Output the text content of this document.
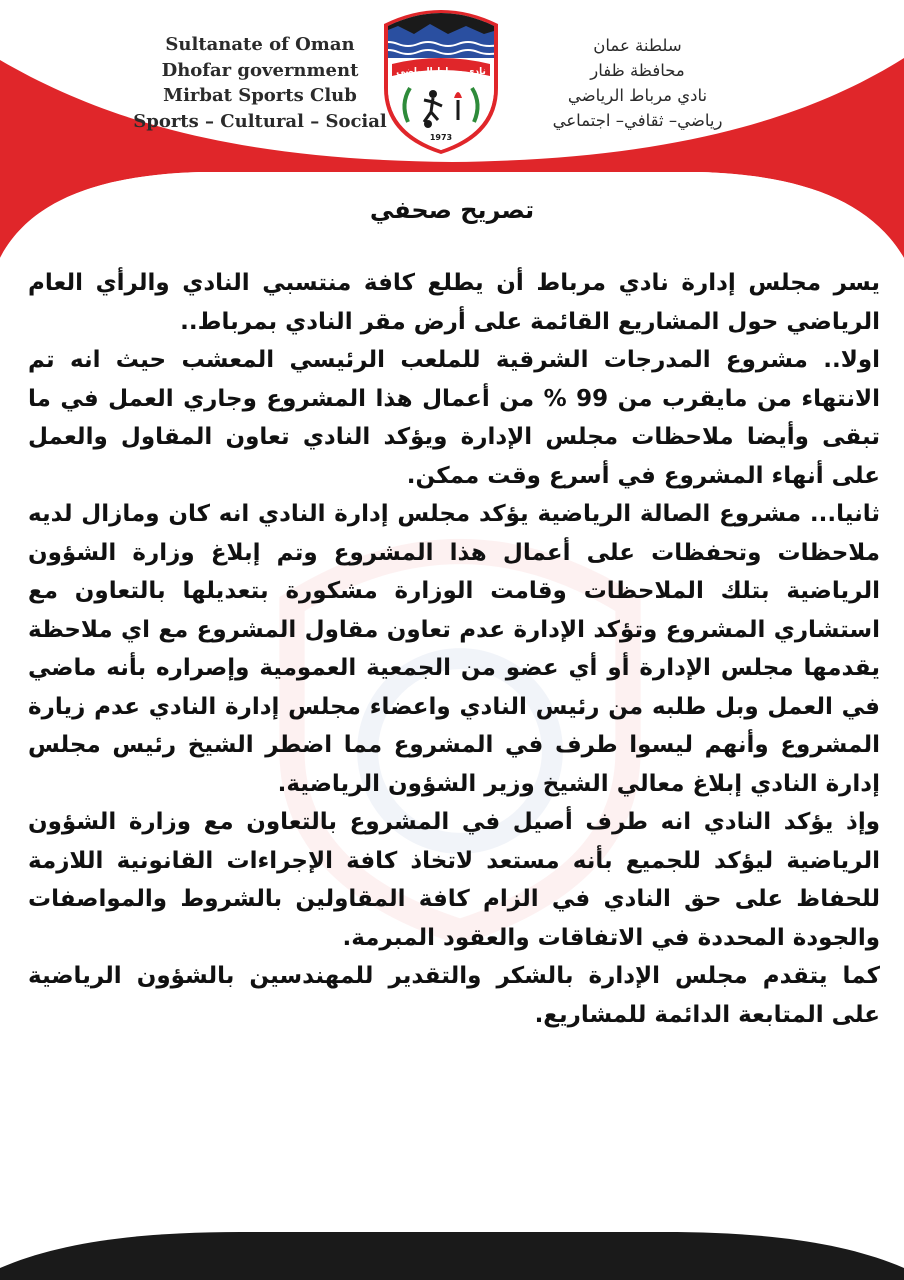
Sultanate of Oman
Dhofar government
Mirbat Sports Club
Sports – Cultural – Social
نادي مرباط الرياضي
1973
سلطنة عمان
محافظة ظفار
نادي مرباط الرياضي
رياضي– ثقافي– اجتماعي
تصريح صحفي

يسر مجلس إدارة نادي مرباط أن يطلع كافة منتسبي النادي والرأي العام الرياضي حول المشاريع القائمة على أرض مقر النادي بمرباط..

اولا.. مشروع المدرجات الشرقية للملعب الرئيسي المعشب حيث انه تم الانتهاء من مايقرب من 99 % من أعمال هذا المشروع وجاري العمل في ما تبقى وأيضا ملاحظات مجلس الإدارة ويؤكد النادي تعاون المقاول والعمل على أنهاء المشروع في أسرع وقت ممكن.

ثانيا... مشروع الصالة الرياضية يؤكد مجلس إدارة النادي انه كان ومازال لديه ملاحظات وتحفظات على أعمال هذا المشروع وتم إبلاغ وزارة الشؤون الرياضية بتلك الملاحظات وقامت الوزارة مشكورة بتعديلها بالتعاون مع استشاري المشروع وتؤكد الإدارة عدم تعاون مقاول المشروع مع اي ملاحظة يقدمها مجلس الإدارة أو أي عضو من الجمعية العمومية وإصراره بأنه ماضي في العمل وبل طلبه من رئيس النادي واعضاء مجلس إدارة النادي عدم زيارة المشروع وأنهم ليسوا طرف في المشروع مما اضطر الشيخ رئيس مجلس إدارة النادي إبلاغ معالي الشيخ وزير الشؤون الرياضية.

وإذ يؤكد النادي انه طرف أصيل في المشروع بالتعاون مع وزارة الشؤون الرياضية ليؤكد للجميع بأنه مستعد لاتخاذ كافة الإجراءات القانونية اللازمة للحفاظ على حق النادي في الزام كافة المقاولين بالشروط والمواصفات والجودة المحددة في الاتفاقات والعقود المبرمة.

كما يتقدم مجلس الإدارة بالشكر والتقدير للمهندسين بالشؤون الرياضية على المتابعة الدائمة للمشاريع.
